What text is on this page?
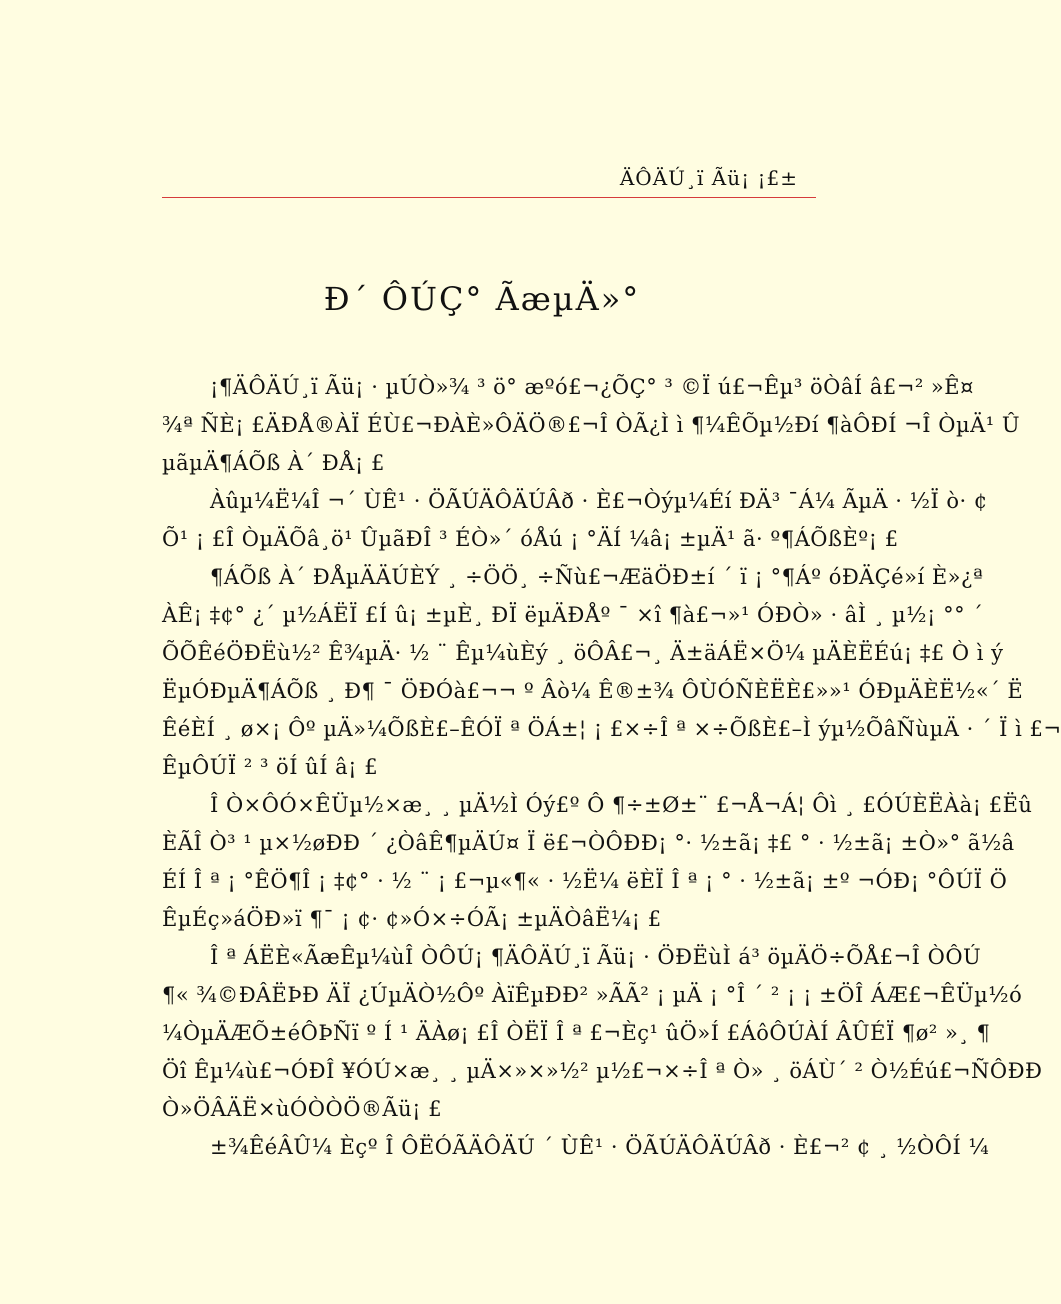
ÄÔÄÚ¸ï Ãü¡ ¡£±
Ð´ ÔÚÇ° ÃæµÄ»°
¡¶ÄÔÄÚ¸ï Ãü¡ · µÚÒ»¾ ³ ö° æºó£¬¿ÕÇ° ³ ©Ï ú£¬Êµ³ öÒâÍ â£¬² »Ê¤
¾ª ÑÈ¡ £ÄÐÅ®ÀÏ ÉÙ£¬ÐÀÈ»ÔÄÖ®£¬Î ÒÃ¿Ì ì ¶¼ÊÕµ½Ðí ¶àÔÐÍ ¬Î ÒµÄ¹ Û
µãµÄ¶ÁÕß À´ ÐÅ¡ £
Àûµ¼Ë¼Î ¬´ ÙÊ¹ · ÖÃÚÄÔÄÚÂð · È£¬Òýµ¼Éí ÐÄ³ ¯Á¼ ÃµÄ · ½Ï ò· ¢
Õ¹ ¡ £Î ÒµÄÕâ¸ö¹ ÛµãÐÎ ³ ÉÒ»´ óÅú ¡ °ÄÍ ¼â¡ ±µÄ¹ ã· º¶ÁÕßÈº¡ £
¶ÁÕß À´ ÐÅµÄÄÚÈÝ ¸ ÷ÖÖ¸ ÷Ñù£¬ÆäÖÐ±í ´ ï ¡ °¶Áº óÐÄÇé»í È»¿ª
ÀÊ¡ ‡¢° ¿´ µ½ÁËÏ £Í û¡ ±µÈ¸ ÐÏ ëµÄÐÅº ¯ ×î ¶à£¬»¹ ÓÐÒ» · âÌ ¸ µ½¡ °° ´
ÕÕÊéÖÐËù½² Ê¾µÄ· ½ ¨ Êµ¼ùÈý ¸ öÔÂ£¬¸ Ä±äÁË×Ö¼ µÄÈËÉú¡ ‡£ Ò ì ý
ËµÓÐµÄ¶ÁÕß ¸ Ð¶ ¯ ÖÐÓà£¬¬ º Âò¼ Ê®±¾ ÔÙÓÑÈËÈ£»»¹ ÓÐµÄÈË½«´ Ë
ÊéÈÍ ¸ ø×¡ Ôº µÄ»¼ÕßÈ£–ÊÓÏ ª ÖÁ±¦ ¡ £×÷Î ª ×÷ÕßÈ£–Ì ýµ½ÕâÑùµÄ · ´ Ï ì £¬
ÊµÔÚÏ ² ³ öÍ ûÍ â¡ £
Î Ò×ÔÓ×ÊÜµ½×æ¸ ¸ µÄ½Ì Óý£º Ô ¶÷±Ø±¨ £¬Å¬Á¦ Ôì ¸ £ÓÚÈËÀà¡ £Ëû
ÈÃÎ Ò³ ¹ µ×½øÐÐ ´ ¿ÒâÊ¶µÄÚ¤ Ï ë£¬ÒÔÐÐ¡ °· ½±ã¡ ‡£ ° · ½±ã¡ ±Ò»° ã½â
ÉÍ Î ª ¡ °ÊÖ¶Î ¡ ‡¢° · ½ ¨ ¡ £¬µ«¶« · ½Ë¼ ëÈÏ Î ª ¡ ° · ½±ã¡ ±º ¬ÓÐ¡ °ÔÚÏ Ö
ÊµÉç»áÖÐ»ï ¶¯ ¡ ¢· ¢»Ó×÷ÓÃ¡ ±µÄÒâË¼¡ £
Î ª ÁËÈ«ÃæÊµ¼ùÎ ÒÔÚ¡ ¶ÄÔÄÚ¸ï Ãü¡ · ÖÐËùÌ á³ öµÄÖ÷ÕÅ£¬Î ÒÔÚ
¶« ¾©ÐÂËÞÐ ÄÏ ¿ÚµÄÒ½Ôº ÀïÊµÐÐ² »ÃÃ² ¡ µÄ ¡ °Î ´ ² ¡ ¡ ±ÖÎ ÁÆ£¬ÊÜµ½ó
¼ÒµÄÆÕ±éÔÞÑï º Í ¹ ÄÀø¡ £Î ÒËÏ Î ª £¬Èç¹ ûÖ»Í £ÁôÔÚÀÍ ÂÛÉÏ ¶ø² »¸ ¶
Öî Êµ¼ù£¬ÓÐÎ ¥ÓÚ×æ¸ ¸ µÄ×»×»½² µ½£¬×÷Î ª Ò» ¸ öÁÙ´ ² Ò½Éú£¬ÑÔÐÐ
Ò»ÖÂÄË×ùÓÒÒÖ®Ãü¡ £
±¾ÊéÂÛ¼ Èçº Î ÔËÓÃÄÔÄÚ ´ ÙÊ¹ · ÖÃÚÄÔÄÚÂð · È£¬² ¢ ¸ ½ÒÔÍ ¼
